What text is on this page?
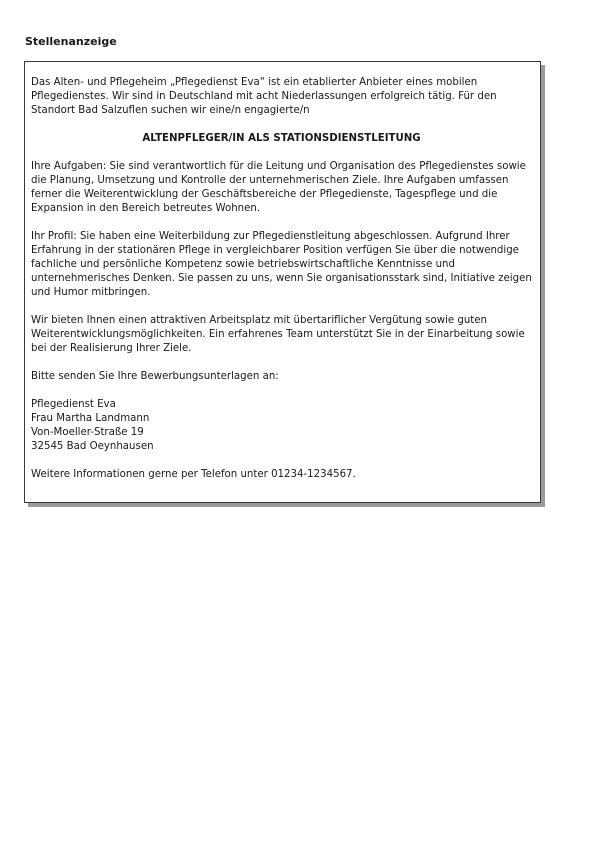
Stellenanzeige

Das Alten- und Pflegeheim „Pflegedienst Eva“ ist ein etablierter Anbieter eines mobilen Pflegedienstes. Wir sind in Deutschland mit acht Niederlassungen erfolgreich tätig. Für den Standort Bad Salzuflen suchen wir eine/n engagierte/n

ALTENPFLEGER/IN ALS STATIONSDIENSTLEITUNG

Ihre Aufgaben: Sie sind verantwortlich für die Leitung und Organisation des Pflegedienstes sowie die Planung, Umsetzung und Kontrolle der unternehmerischen Ziele. Ihre Aufgaben umfassen ferner die Weiterentwicklung der Geschäftsbereiche der Pflegedienste, Tagespflege und die Expansion in den Bereich betreutes Wohnen.

Ihr Profil: Sie haben eine Weiterbildung zur Pflegedienstleitung abgeschlossen. Aufgrund Ihrer Erfahrung in der stationären Pflege in vergleichbarer Position verfügen Sie über die notwendige fachliche und persönliche Kompetenz sowie betriebswirtschaftliche Kenntnisse und unternehmerisches Denken. Sie passen zu uns, wenn Sie organisationsstark sind, Initiative zeigen und Humor mitbringen.

Wir bieten Ihnen einen attraktiven Arbeitsplatz mit übertariflicher Vergütung sowie guten Weiterentwicklungsmöglichkeiten. Ein erfahrenes Team unterstützt Sie in der Einarbeitung sowie bei der Realisierung Ihrer Ziele.

Bitte senden Sie Ihre Bewerbungsunterlagen an:

Pflegedienst Eva
Frau Martha Landmann
Von-Moeller-Straße 19
32545 Bad Oeynhausen

Weitere Informationen gerne per Telefon unter 01234-1234567.
